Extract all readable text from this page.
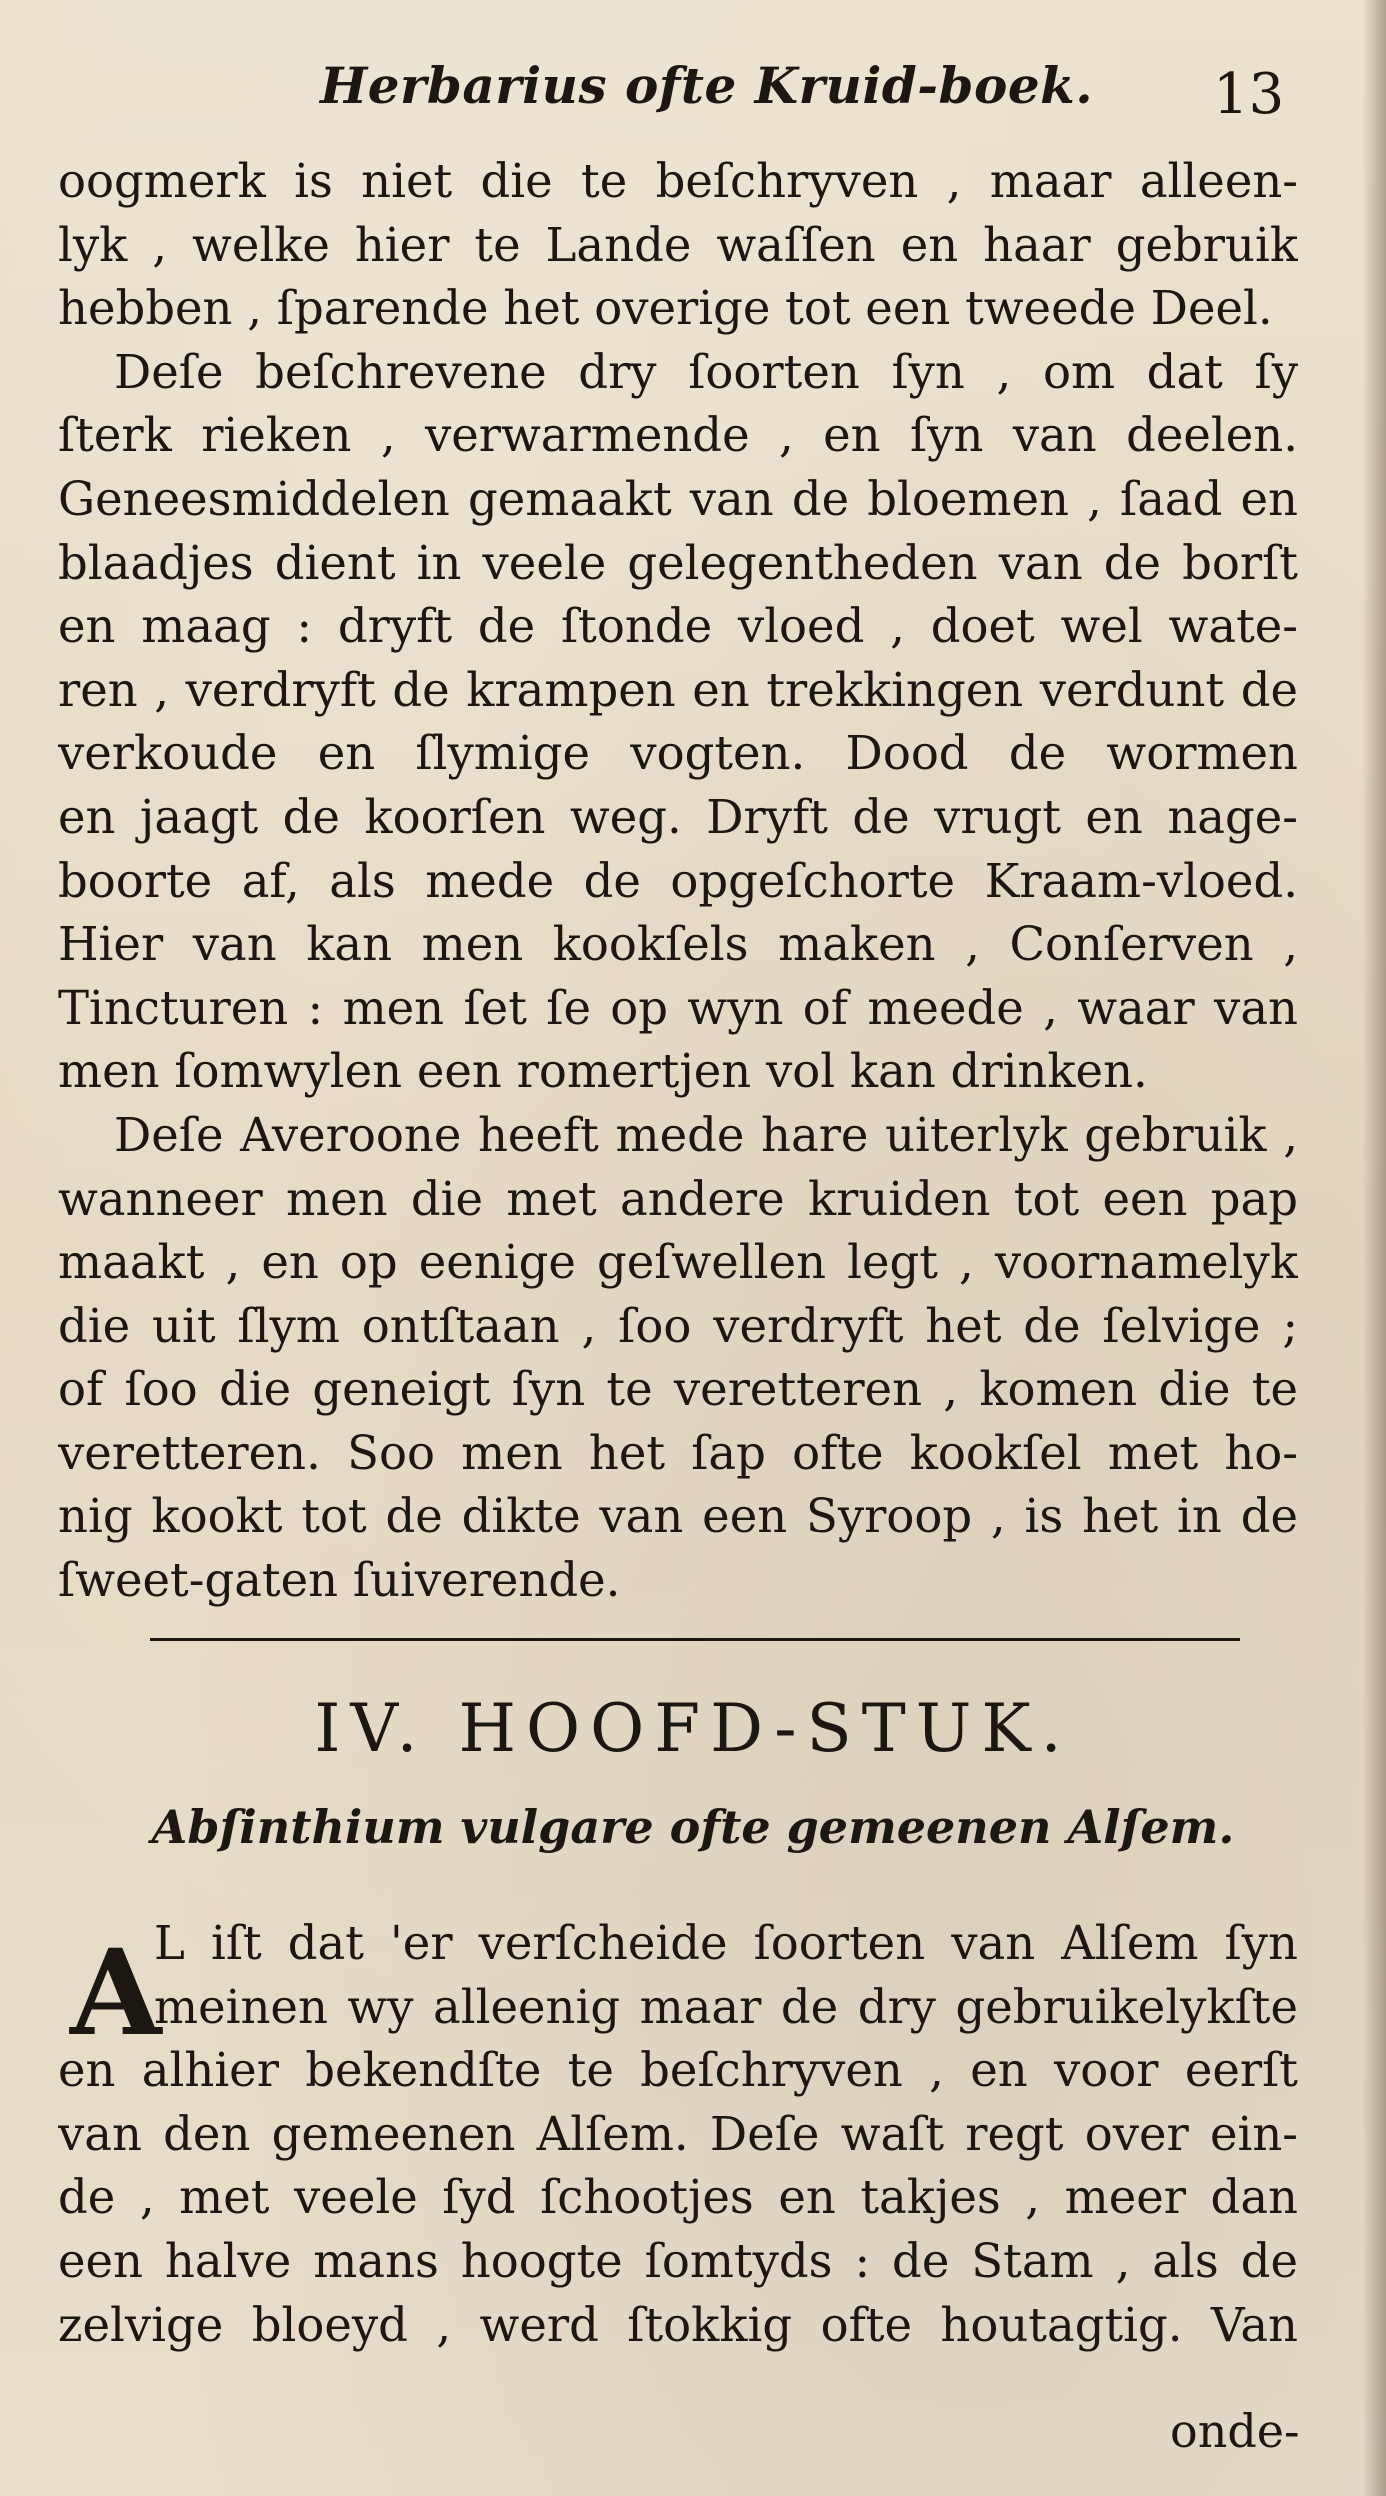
Herbarius ofte Kruid-boek. 13
oogmerk is niet die te beſchryven , maar alleen-
lyk , welke hier te Lande waſſen en haar gebruik
hebben , ſparende het overige tot een tweede Deel.
Deſe beſchrevene dry ſoorten ſyn , om dat ſy
ſterk rieken , verwarmende , en ſyn van deelen.
Geneesmiddelen gemaakt van de bloemen , ſaad en
blaadjes dient in veele gelegentheden van de borſt
en maag : dryft de ſtonde vloed , doet wel wate-
ren , verdryft de krampen en trekkingen verdunt de
verkoude en ſlymige vogten. Dood de wormen
en jaagt de koorſen weg. Dryft de vrugt en nage-
boorte af, als mede de opgeſchorte Kraam-vloed.
Hier van kan men kookſels maken , Conſerven ,
Tincturen : men ſet ſe op wyn of meede , waar van
men ſomwylen een romertjen vol kan drinken.
Deſe Averoone heeft mede hare uiterlyk gebruik ,
wanneer men die met andere kruiden tot een pap
maakt , en op eenige geſwellen legt , voornamelyk
die uit ſlym ontſtaan , ſoo verdryft het de ſelvige ;
of ſoo die geneigt ſyn te veretteren , komen die te
veretteren. Soo men het ſap ofte kookſel met ho-
nig kookt tot de dikte van een Syroop , is het in de
ſweet-gaten ſuiverende.
IV. HOOFD-STUK.
Abſinthium vulgare ofte gemeenen Alſem.
A
L iſt dat 'er verſcheide ſoorten van Alſem ſyn
meinen wy alleenig maar de dry gebruikelykſte
en alhier bekendſte te beſchryven , en voor eerſt
van den gemeenen Alſem. Deſe waſt regt over ein-
de , met veele ſyd ſchootjes en takjes , meer dan
een halve mans hoogte ſomtyds : de Stam , als de
zelvige bloeyd , werd ſtokkig ofte houtagtig. Van
onde-
